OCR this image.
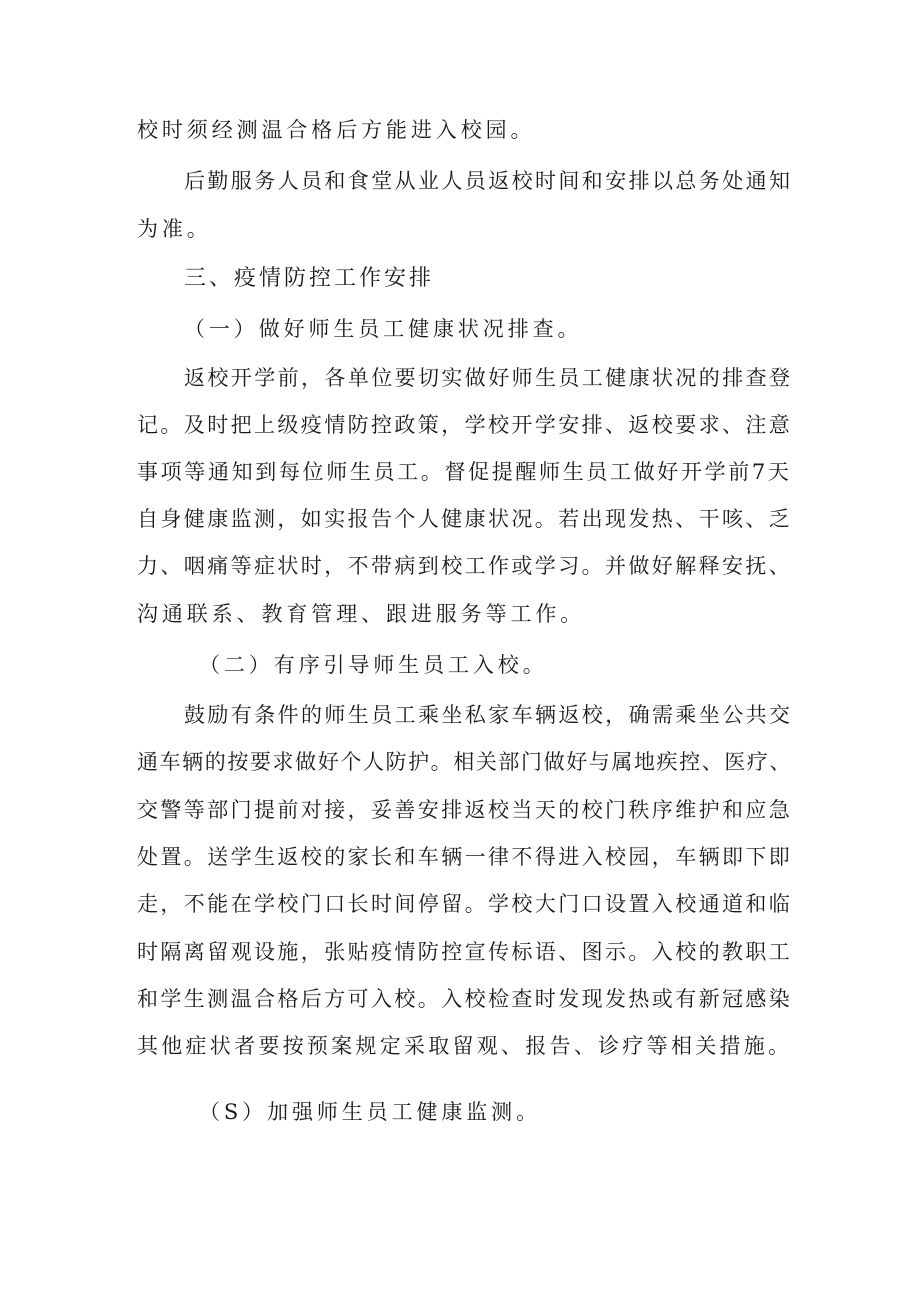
校时须经测温合格后方能进入校园。
后勤服务人员和食堂从业人员返校时间和安排以总务处通知
为准。
三、疫情防控工作安排
（一）做好师生员工健康状况排查。
返校开学前，各单位要切实做好师生员工健康状况的排查登
记。及时把上级疫情防控政策，学校开学安排、返校要求、注意
事项等通知到每位师生员工。督促提醒师生员工做好开学前7天
自身健康监测，如实报告个人健康状况。若出现发热、干咳、乏
力、咽痛等症状时，不带病到校工作或学习。并做好解释安抚、
沟通联系、教育管理、跟进服务等工作。
（二）有序引导师生员工入校。
鼓励有条件的师生员工乘坐私家车辆返校，确需乘坐公共交
通车辆的按要求做好个人防护。相关部门做好与属地疾控、医疗、
交警等部门提前对接，妥善安排返校当天的校门秩序维护和应急
处置。送学生返校的家长和车辆一律不得进入校园，车辆即下即
走，不能在学校门口长时间停留。学校大门口设置入校通道和临
时隔离留观设施，张贴疫情防控宣传标语、图示。入校的教职工
和学生测温合格后方可入校。入校检查时发现发热或有新冠感染
其他症状者要按预案规定采取留观、报告、诊疗等相关措施。
（S）加强师生员工健康监测。
